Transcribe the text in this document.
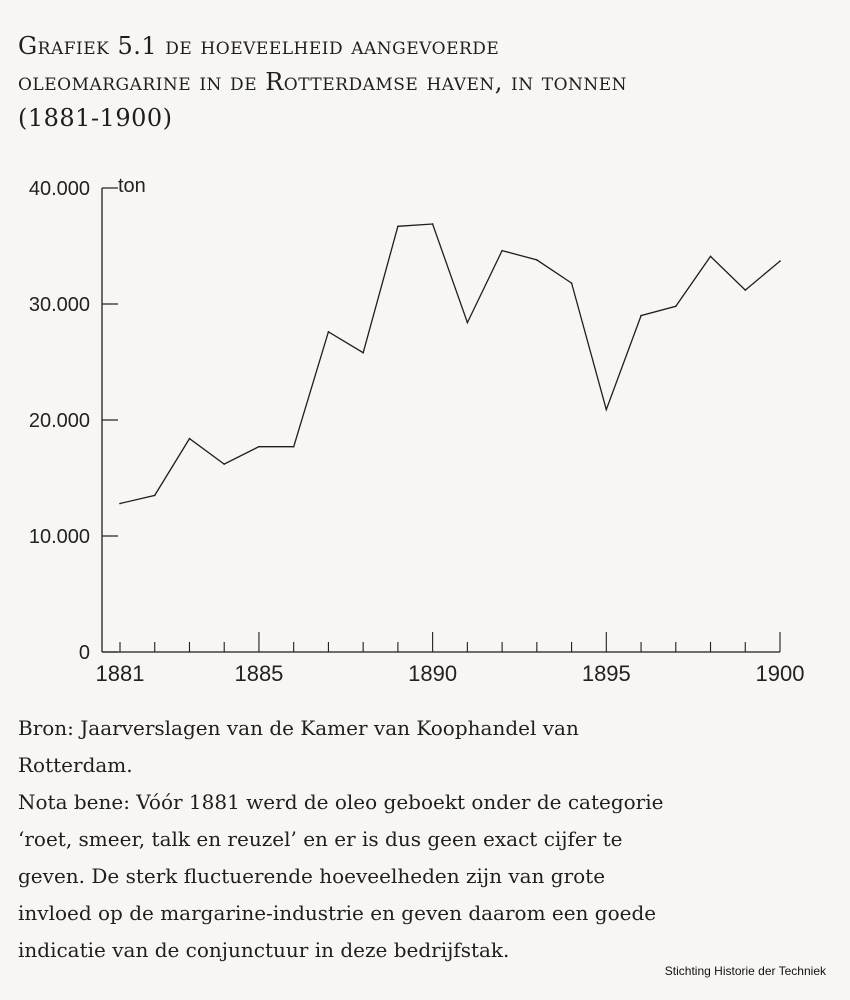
Grafiek 5.1 de hoeveelheid aangevoerde oleomargarine in de Rotterdamse haven, in tonnen (1881-1900)
0
10.000
20.000
30.000
40.000
1881	1885	1890	1895	1900
ton

Bron: Jaarverslagen van de Kamer van Koophandel van Rotterdam.

Nota bene: Vóór 1881 werd de oleo geboekt onder de categorie ‘roet, smeer, talk en reuzel’ en er is dus geen exact cijfer te geven. De sterk fluctuerende hoeveelheden zijn van grote invloed op de margarine-industrie en geven daarom een goede indicatie van de conjunctuur in deze bedrijfstak.

Stichting Historie der Techniek
